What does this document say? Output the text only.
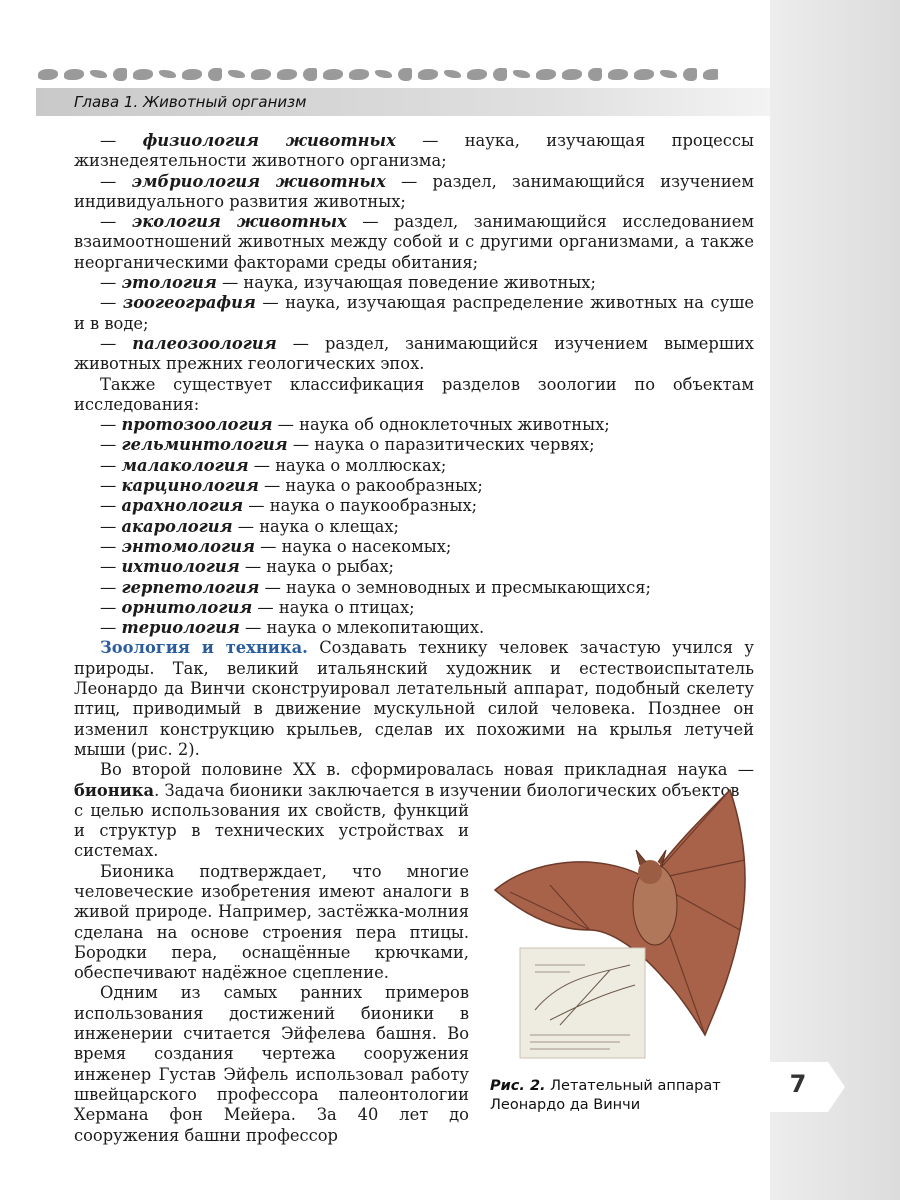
Глава 1. Животный организм

— физиология животных — наука, изучающая процессы жизнедеятельности животного организма;

— эмбриология животных — раздел, занимающийся изучением индивидуального развития животных;

— экология животных — раздел, занимающийся исследованием взаимоотношений животных между собой и с другими организмами, а также неорганическими факторами среды обитания;

— этология — наука, изучающая поведение животных;

— зоогеография — наука, изучающая распределение животных на суше и в воде;

— палеозоология — раздел, занимающийся изучением вымерших животных прежних геологических эпох.

Также существует классификация разделов зоологии по объектам исследования:

— протозоология — наука об одноклеточных животных;

— гельминтология — наука о паразитических червях;

— малакология — наука о моллюсках;

— карцинология — наука о ракообразных;

— арахнология — наука о паукообразных;

— акарология — наука о клещах;

— энтомология — наука о насекомых;

— ихтиология — наука о рыбах;

— герпетология — наука о земноводных и пресмыкающихся;

— орнитология — наука о птицах;

— териология — наука о млекопитающих.

Зоология и техника. Создавать технику человек зачастую учился у природы. Так, великий итальянский художник и естествоиспытатель Леонардо да Винчи сконструировал летательный аппарат, подобный скелету птиц, приводимый в движение мускульной силой человека. Позднее он изменил конструкцию крыльев, сделав их похожими на крылья летучей мыши (рис. 2).

Во второй половине XX в. сформировалась новая прикладная наука — бионика. Задача бионики заключается в изучении биологических объектов

с целью использования их свойств, функций и структур в технических устройствах и системах.

Бионика подтверждает, что многие человеческие изобретения имеют аналоги в живой природе. Например, застёжка-молния сделана на основе строения пера птицы. Бородки пера, оснащённые крючками, обеспечивают надёжное сцепление.

Одним из самых ранних примеров использования достижений бионики в инженерии считается Эйфелева башня. Во время создания чертежа сооружения инженер Густав Эйфель использовал работу швейцарского профессора палеонтологии Хермана фон Мейера. За 40 лет до сооружения башни профессор

Рис. 2. Летательный аппарат Леонардо да Винчи
7
